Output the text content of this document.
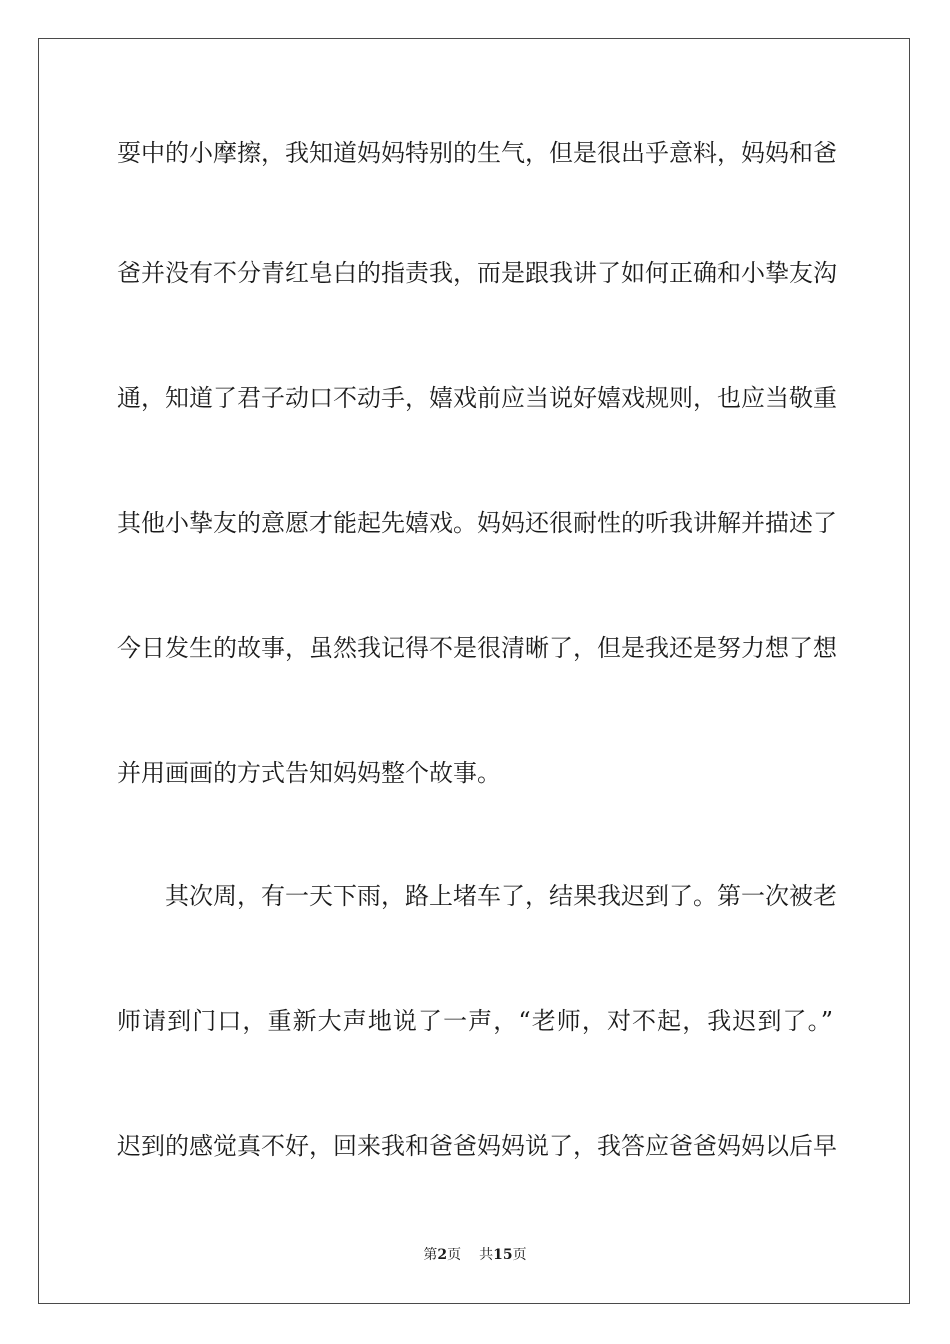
耍中的小摩擦，我知道妈妈特别的生气，但是很出乎意料，妈妈和爸
爸并没有不分青红皂白的指责我，而是跟我讲了如何正确和小挚友沟
通，知道了君子动口不动手，嬉戏前应当说好嬉戏规则，也应当敬重
其他小挚友的意愿才能起先嬉戏。妈妈还很耐性的听我讲解并描述了
今日发生的故事，虽然我记得不是很清晰了，但是我还是努力想了想
并用画画的方式告知妈妈整个故事。
其次周，有一天下雨，路上堵车了，结果我迟到了。第一次被老
师请到门口，重新大声地说了一声，“老师，对不起，我迟到了。”
迟到的感觉真不好，回来我和爸爸妈妈说了，我答应爸爸妈妈以后早
第2页 共15页
